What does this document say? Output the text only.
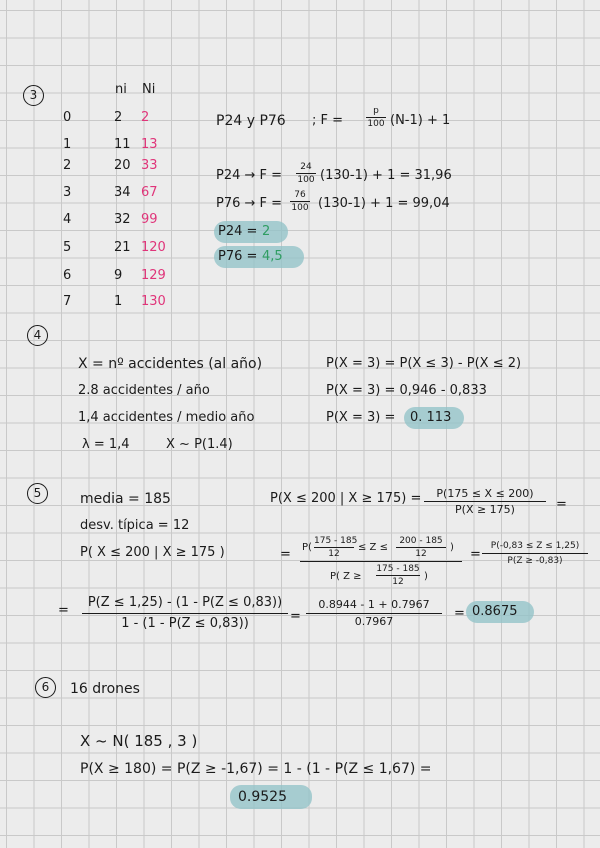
3	ni Ni
0	2 2
1	11 13
2	20 33
3	34 67
4	32 99
5	21 120
6	9 129
7	1 130
P24 y P76 ; F =
p
100 (N-1) + 1
P24 → F =
24
100 (130-1) + 1 = 31,96
P76 → F =
76
100 (130-1) + 1 = 99,04
P24 = 2
P76 = 4,5
4
X = nº accidentes (al año)
2.8 accidentes / año
1,4 accidentes / medio año
λ = 1,4	X ~ P(1.4)
P(X = 3) = P(X ≤ 3) - P(X ≤ 2)
P(X = 3) = 0,946 - 0,833
P(X = 3) = 0. 113
5	media = 185
desv. típica = 12
P( X ≤ 200 | X ≥ 175 )
P(X ≤ 200 | X ≥ 175) =	P(175 ≤ X ≤ 200)
P(X ≥ 175)	=
= P(
175 - 185
12
≤ Z ≤
200 - 185
12
)
P( Z ≥
175 - 185
12	)
=
P(-0,83 ≤ Z ≤ 1,25)
P(Z ≥ -0,83)
=
P(Z ≤ 1,25) - (1 - P(Z ≤ 0,83))
1 - (1 - P(Z ≤ 0,83))	=
0.8944 - 1 + 0.7967
0.7967
= 0.8675
6	16 drones
X ~ N( 185 , 3 )
P(X ≥ 180) = P(Z ≥ -1,67) = 1 - (1 - P(Z ≤ 1,67) =
0.9525
